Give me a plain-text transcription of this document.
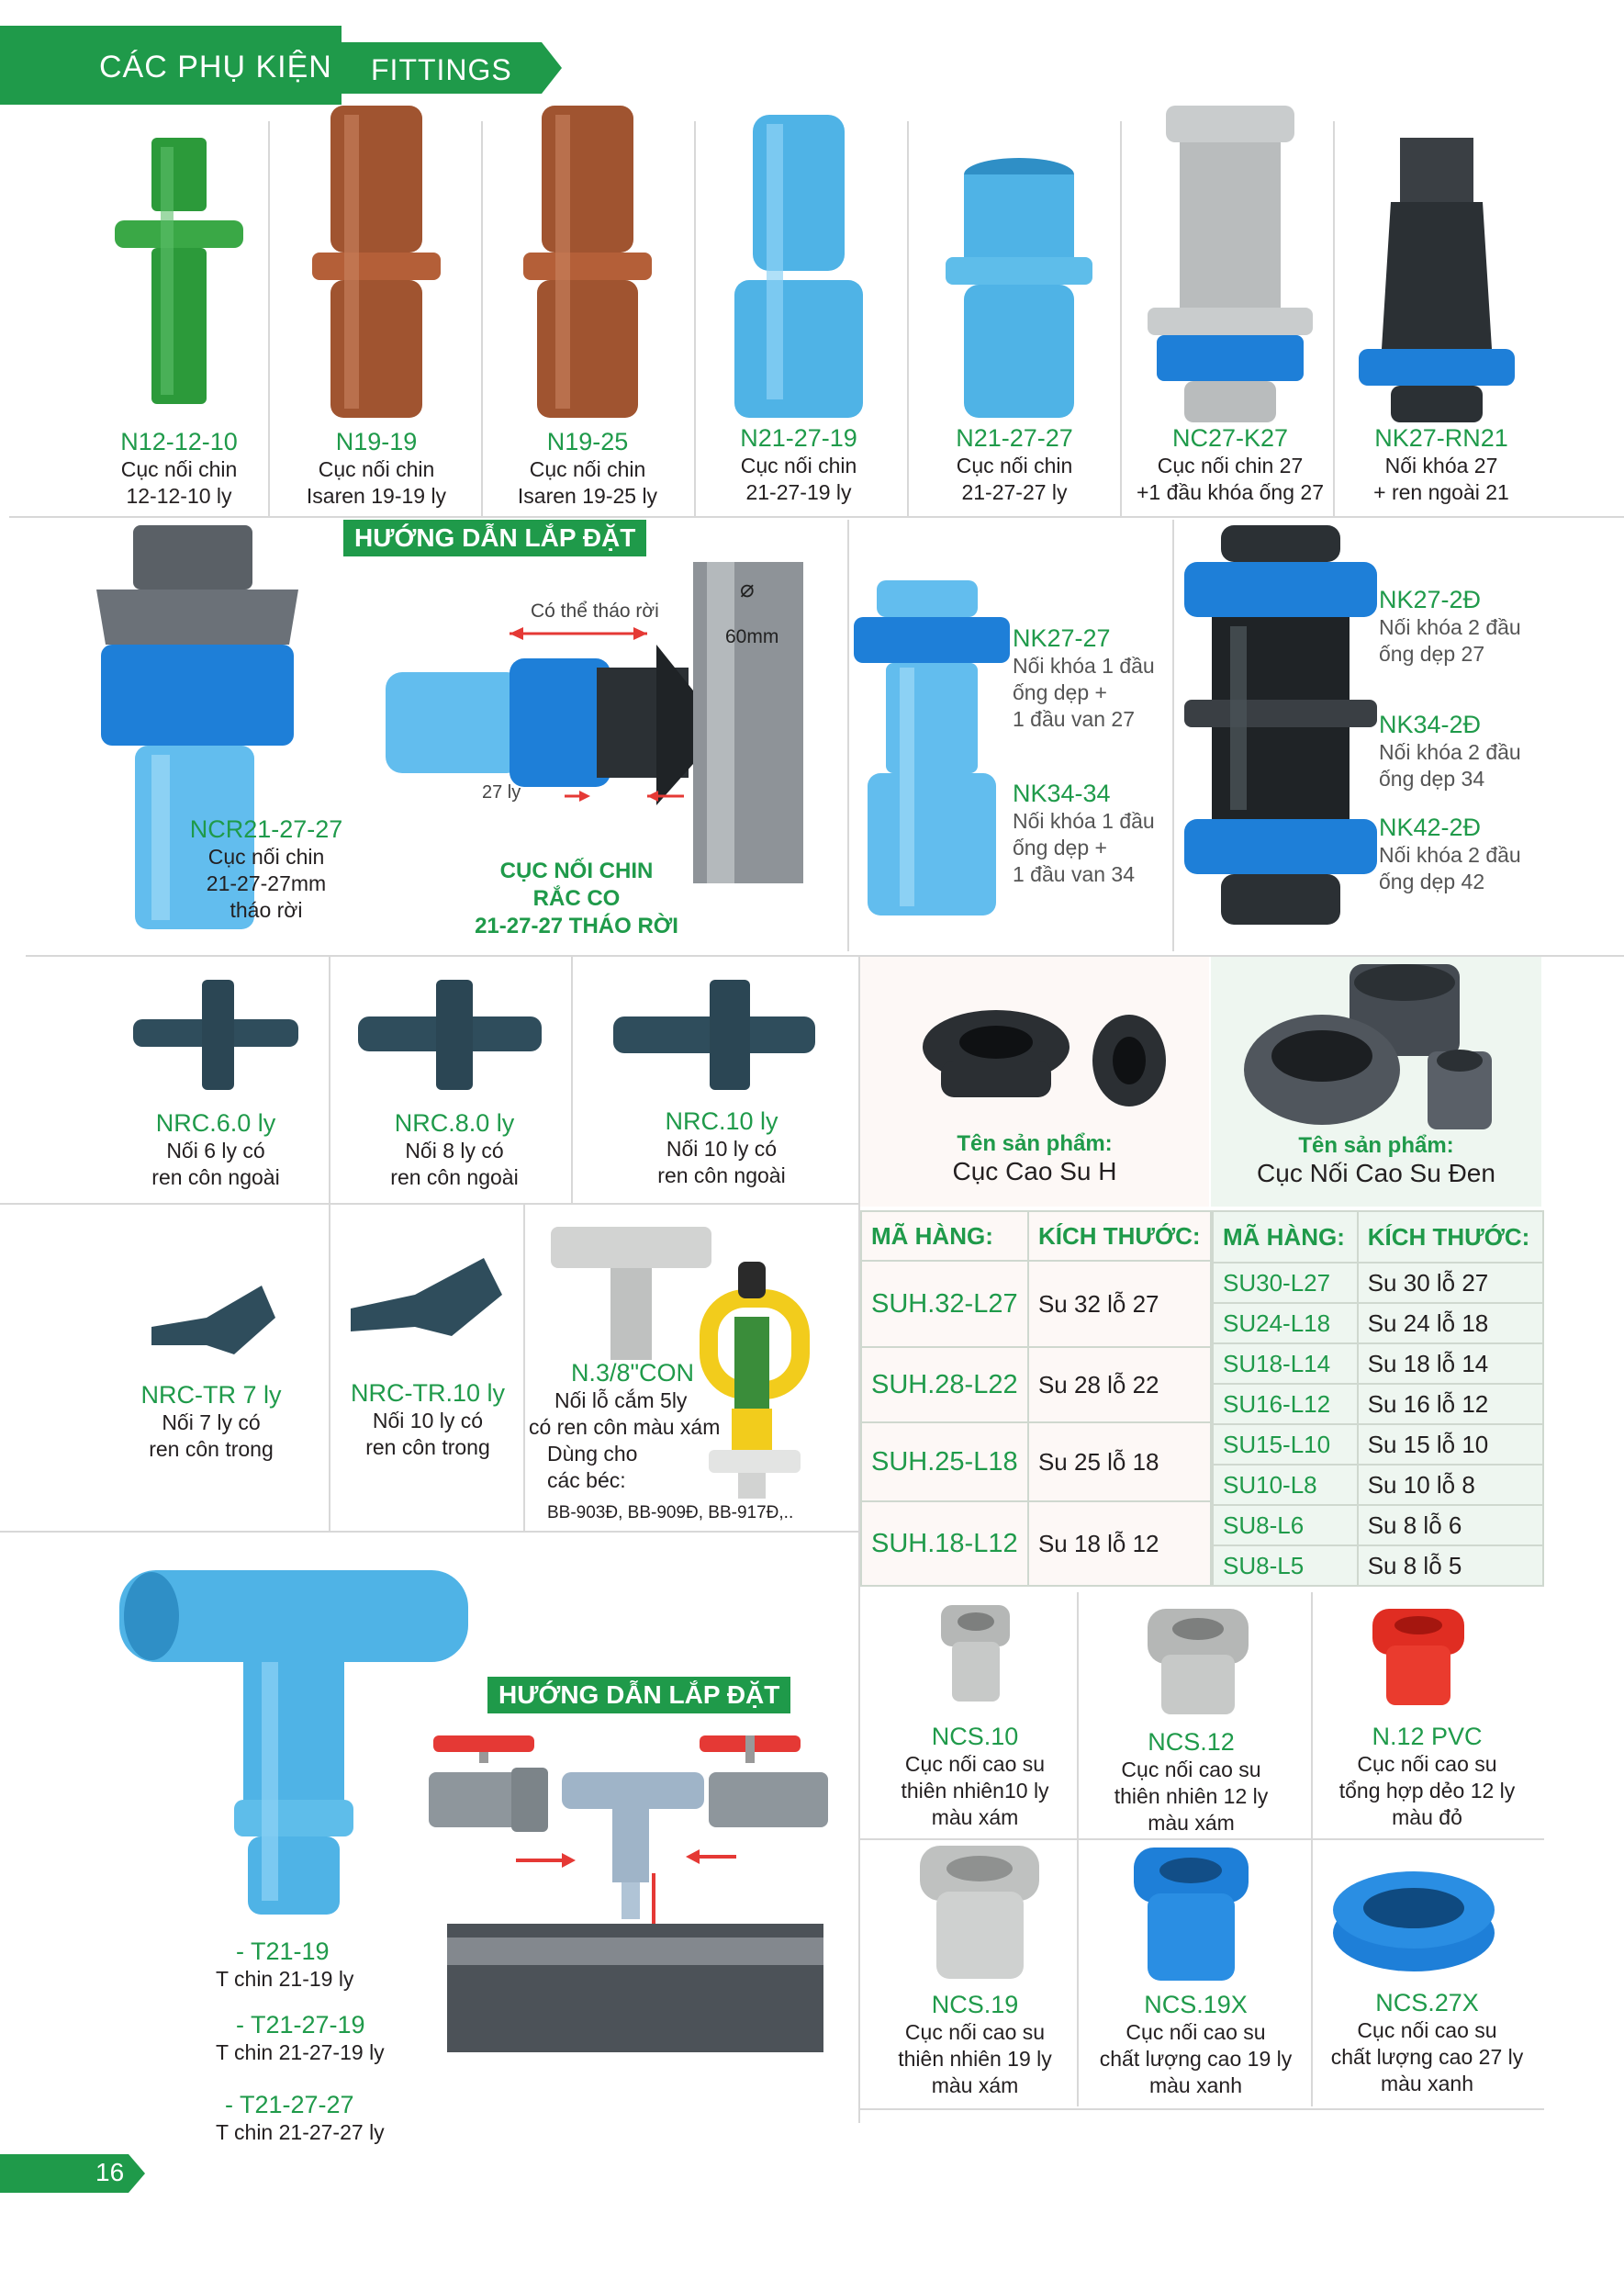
CÁC PHỤ KIỆN FITTINGS
N12-12-10
Cục nối chin
12-12-10 ly
N19-19
Cục nối chin
Isaren 19-19 ly
N19-25
Cục nối chin
Isaren 19-25 ly
N21-27-19
Cục nối chin
21-27-19 ly
N21-27-27
Cục nối chin
21-27-27 ly
NC27-K27
Cục nối chin 27
+1 đầu khóa ống 27
NK27-RN21
Nối khóa 27
+ ren ngoài 21
HƯỚNG DẪN LẮP ĐẶT
Có thể tháo rời
⌀
60mm
27 ly
NCR21-27-27
Cục nối chin
21-27-27mm
tháo rời
CỤC NỐI CHIN
RẮC CO
21-27-27 THÁO RỜI
NK27-27
Nối khóa 1 đầu
ống dẹp +
1 đầu van 27
NK34-34
Nối khóa 1 đầu
ống dẹp +
1 đầu van 34
NK27-2Đ
Nối khóa 2 đầu
ống dẹp 27
NK34-2Đ
Nối khóa 2 đầu
ống dẹp 34
NK42-2Đ
Nối khóa 2 đầu
ống dẹp 42
NRC.6.0 ly
Nối 6 ly có
ren côn ngoài
NRC.8.0 ly
Nối 8 ly có
ren côn ngoài
NRC.10 ly
Nối 10 ly có
ren côn ngoài
NRC-TR 7 ly
Nối 7 ly có
ren côn trong
NRC-TR.10 ly
Nối 10 ly có
ren côn trong
N.3/8"CON
Nối lỗ cắm 5ly
có ren côn màu xám
Dùng cho
các béc:
BB-903Đ, BB-909Đ, BB-917Đ,..
Tên sản phẩm:
Cục Cao Su H
Tên sản phẩm:
Cục Nối Cao Su Đen
MÃ HÀNG:	KÍCH THƯỚC:
SUH.32-L27	Su 32 lỗ 27
SUH.28-L22	Su 28 lỗ 22
SUH.25-L18	Su 25 lỗ 18
SUH.18-L12	Su 18 lỗ 12
MÃ HÀNG:	KÍCH THƯỚC:
SU30-L27	Su 30 lỗ 27
SU24-L18	Su 24 lỗ 18
SU18-L14	Su 18 lỗ 14
SU16-L12	Su 16 lỗ 12
SU15-L10	Su 15 lỗ 10
SU10-L8	Su 10 lỗ 8
SU8-L6	Su 8 lỗ 6
SU8-L5	Su 8 lỗ 5
HƯỚNG DẪN LẮP ĐẶT
- T21-19
T chin 21-19 ly
- T21-27-19
T chin 21-27-19 ly
- T21-27-27
T chin 21-27-27 ly
NCS.10
Cục nối cao su
thiên nhiên10 ly
màu xám
NCS.12
Cục nối cao su
thiên nhiên 12 ly
màu xám
N.12 PVC
Cục nối cao su
tổng hợp dẻo 12 ly
màu đỏ
NCS.19
Cục nối cao su
thiên nhiên 19 ly
màu xám
NCS.19X
Cục nối cao su
chất lượng cao 19 ly
màu xanh
NCS.27X
Cục nối cao su
chất lượng cao 27 ly
màu xanh
16
